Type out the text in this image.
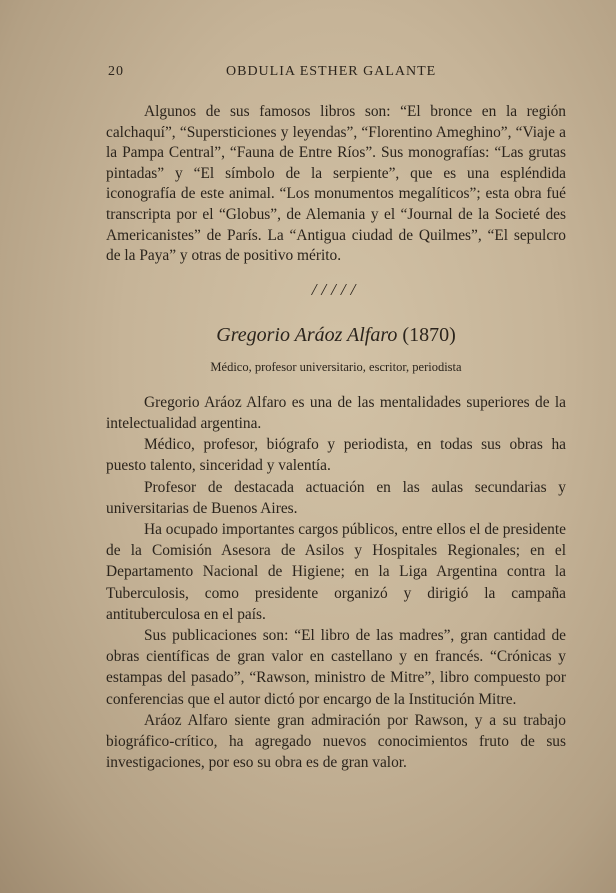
20	OBDULIA ESTHER GALANTE

Algunos de sus famosos libros son: “El bronce en la región calchaquí”, “Supersticiones y leyendas”, “Florentino Ameghino”, “Viaje a la Pampa Central”, “Fauna de Entre Ríos”. Sus monografías: “Las grutas pintadas” y “El símbolo de la serpiente”, que es una espléndida iconografía de este animal. “Los monumentos megalíticos”; esta obra fué transcripta por el “Globus”, de Alemania y el “Journal de la Societé des Americanistes” de París. La “Antigua ciudad de Quilmes”, “El sepulcro de la Paya” y otras de positivo mérito.

/////
Gregorio Aráoz Alfaro (1870)
Médico, profesor universitario, escritor, periodista

Gregorio Aráoz Alfaro es una de las mentalidades superiores de la intelectualidad argentina.

Médico, profesor, biógrafo y periodista, en todas sus obras ha puesto talento, sinceridad y valentía.

Profesor de destacada actuación en las aulas secundarias y universitarias de Buenos Aires.

Ha ocupado importantes cargos públicos, entre ellos el de presidente de la Comisión Asesora de Asilos y Hospitales Regionales; en el Departamento Nacional de Higiene; en la Liga Argentina contra la Tuberculosis, como presidente organizó y dirigió la campaña antituberculosa en el país.

Sus publicaciones son: “El libro de las madres”, gran cantidad de obras científicas de gran valor en castellano y en francés. “Crónicas y estampas del pasado”, “Rawson, ministro de Mitre”, libro compuesto por conferencias que el autor dictó por encargo de la Institución Mitre.

Aráoz Alfaro siente gran admiración por Rawson, y a su trabajo biográfico-crítico, ha agregado nuevos conocimientos fruto de sus investigaciones, por eso su obra es de gran valor.
